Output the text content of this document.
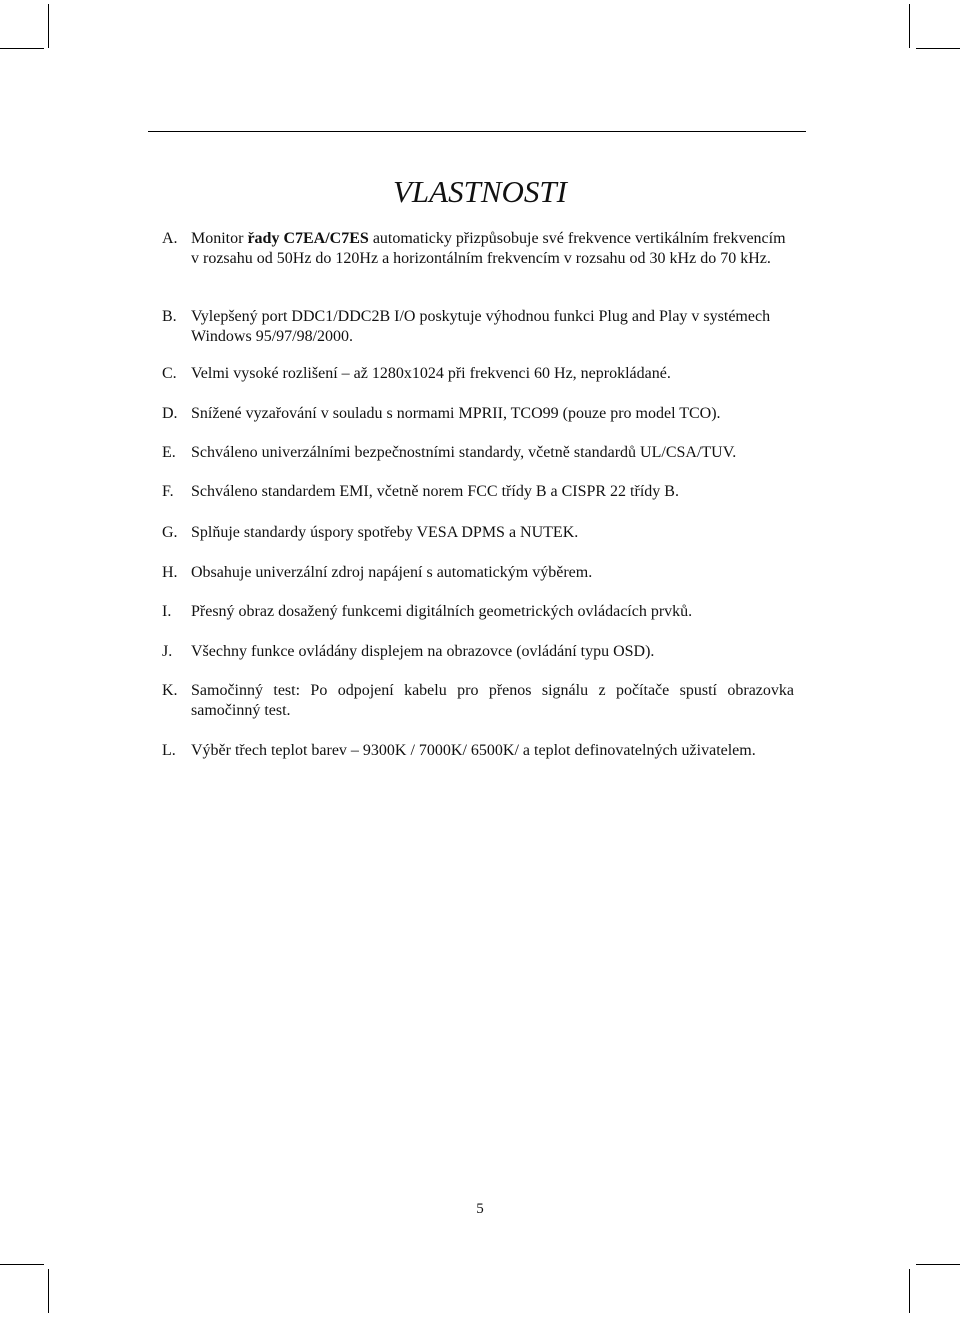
VLASTNOSTI
A. Monitor řady C7EA/C7ES automaticky přizpůsobuje své frekvence vertikálním frekvencím v rozsahu od 50Hz do 120Hz a horizontálním frekvencím v rozsahu od 30 kHz do 70 kHz.
B. Vylepšený port DDC1/DDC2B I/O poskytuje výhodnou funkci Plug and Play v systémech Windows 95/97/98/2000.
C. Velmi vysoké rozlišení – až 1280x1024 při frekvenci 60 Hz, neprokládané.
D. Snížené vyzařování v souladu s normami MPRII, TCO99 (pouze pro model TCO).
E. Schváleno univerzálními bezpečnostními standardy, včetně standardů UL/CSA/TUV.
F.	Schváleno standardem EMI, včetně norem FCC třídy B a CISPR 22 třídy B.
G. Splňuje standardy úspory spotřeby VESA DPMS a NUTEK.
H. Obsahuje univerzální zdroj napájení s automatickým výběrem.
I.	Přesný obraz dosažený funkcemi digitálních geometrických ovládacích prvků.
J.	Všechny funkce ovládány displejem na obrazovce (ovládání typu OSD).
K. Samočinný test: Po odpojení kabelu pro přenos signálu z počítače spustí obrazovka samočinný test.
L. Výběr třech teplot barev – 9300K / 7000K/ 6500K/ a teplot definovatelných uživatelem.
5
